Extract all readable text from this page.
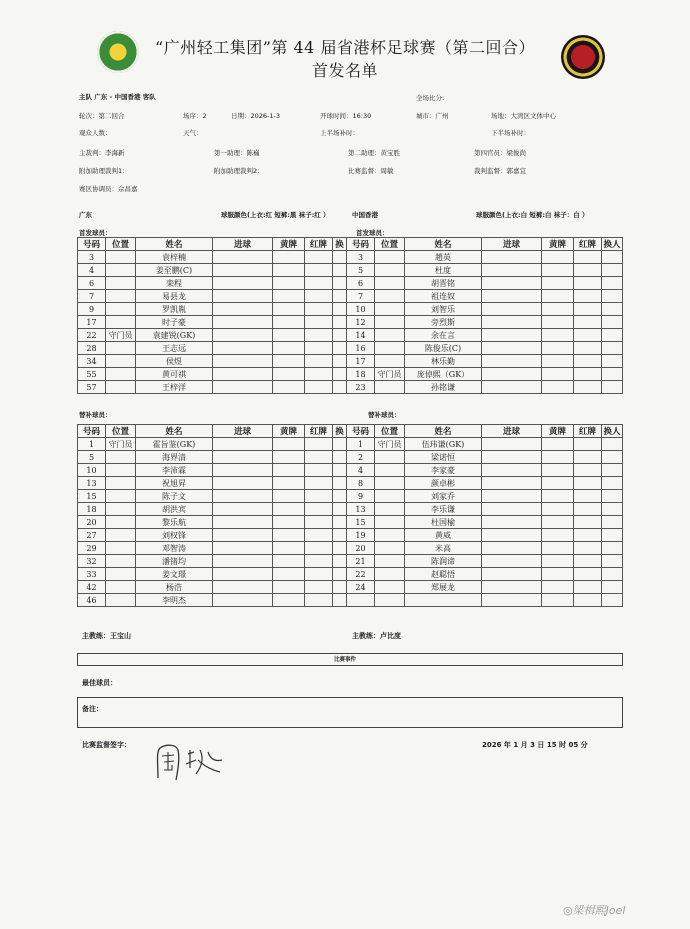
“广州轻工集团”第 44 届省港杯足球赛（第二回合）
首发名单
主队 广东 - 中国香港 客队	全场比分:
轮次：第二回合	场序：2	日期：2026-1-3	开球时间：16:30	城市：广州	场地：大湾区文体中心
观众人数：	天气：	上半场补时：	下半场补时：
主裁判：李海新	第一助理：陈巍	第二助理：黄宝胜	第四官员：梁俊尚
附加助理裁判1：	附加助理裁判2：	比赛监督：周敏	裁判监督：郭嘉宜
赛区协调员：佘昌嘉
广东	球服颜色(上衣:红 短裤:黑 袜子:红 ）	中国香港	球服颜色(上衣:白 短裤:白 袜子：白 ）
首发球员：	首发球员：
号码	位置	姓名	进球	黄牌	红牌	换	号码	位置	姓名	进球	黄牌	红牌	换人
3		袁梓楠					3		趙英				
4		姜至鹏(C)					5		杜度				
6		栾程					6		胡晋铭				
7		易县龙					7		祖连奴				
9		罗凯胤					10		刘智乐				
17		时子豪					12		旁烈斯				
22	守门员	袁建锐(GK)					14		余在言				
28		王志远					16		陈俊乐(C)				
34		侯煜					17		林乐勤				
55		黄可祺					18	守门员	庞倬熙（GK）				
57		王梓洋					23		孙铭谦				
替补球员：	替补球员：
号码	位置	姓名	进球	黄牌	红牌	换	号码	位置	姓名	进球	黄牌	红牌	换人
1	守门员	霍旨鉴(GK)					1	守门员	伍玮谦(GK)				
5		海界清					2		梁诺恒				
10		李沛霖					4		李家豪				
13		祝旭昇					8		颜卓彬				
15		陈子文					9		刘家乔				
18		胡洪宾					13		李乐谦				
20		黎乐航					15		杜国榆				
27		刘权锋					19		黄威				
29		邓智涛					20		米高				
32		潘锗均					21		陈润谛				
33		姜文璟					22		赵聪悟				
42		杨浩					24		郑展龙				
46		李明杰											
主教练：王宝山	主教练：卢比度
比赛事件
最佳球员：
备注：
比赛监督签字：	2026 年 1 月 3 日 15 时 05 分
◎梁楫熙Joel
